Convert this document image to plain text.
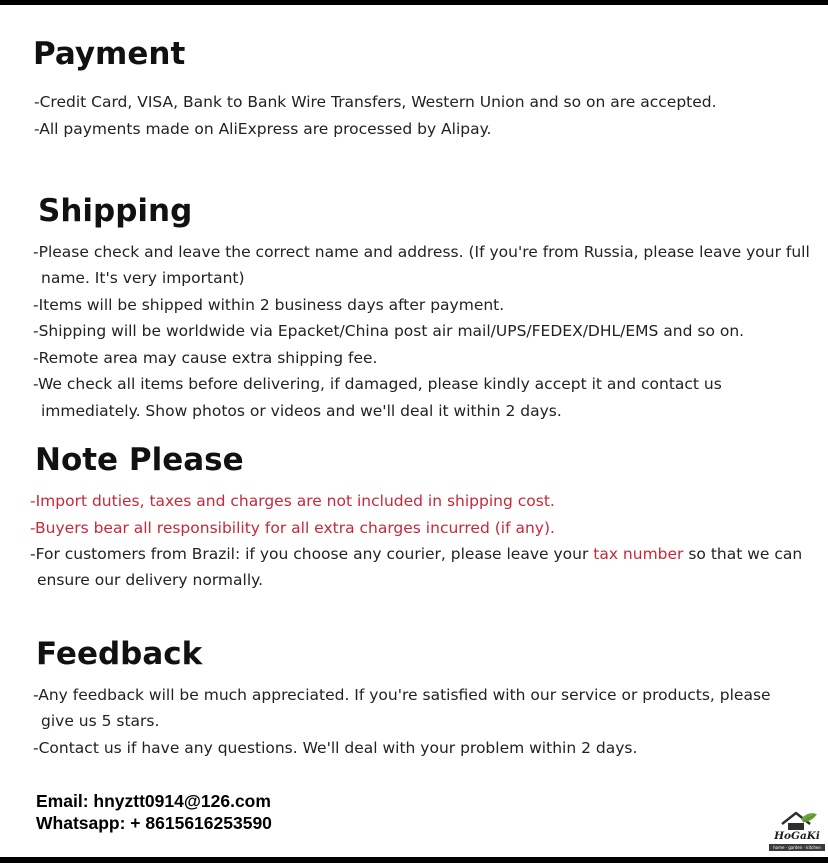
Payment
-Credit Card, VISA, Bank to Bank Wire Transfers, Western Union and so on are accepted.
-All payments made on AliExpress are processed by Alipay.
Shipping
-Please check and leave the correct name and address. (If you're from Russia, please leave your full
name. It's very important)
-Items will be shipped within 2 business days after payment.
-Shipping will be worldwide via Epacket/China post air mail/UPS/FEDEX/DHL/EMS and so on.
-Remote area may cause extra shipping fee.
-We check all items before delivering, if damaged, please kindly accept it and contact us
immediately. Show photos or videos and we'll deal it within 2 days.
Note Please
-Import duties, taxes and charges are not included in shipping cost.
-Buyers bear all responsibility for all extra charges incurred (if any).
-For customers from Brazil: if you choose any courier, please leave your tax number so that we can
ensure our delivery normally.
Feedback
-Any feedback will be much appreciated. If you're satisfied with our service or products, please
give us 5 stars.
-Contact us if have any questions. We'll deal with your problem within 2 days.
Email: hnyztt0914@126.com
Whatsapp: + 8615616253590
HoGaKi
home · garden · kitchen
